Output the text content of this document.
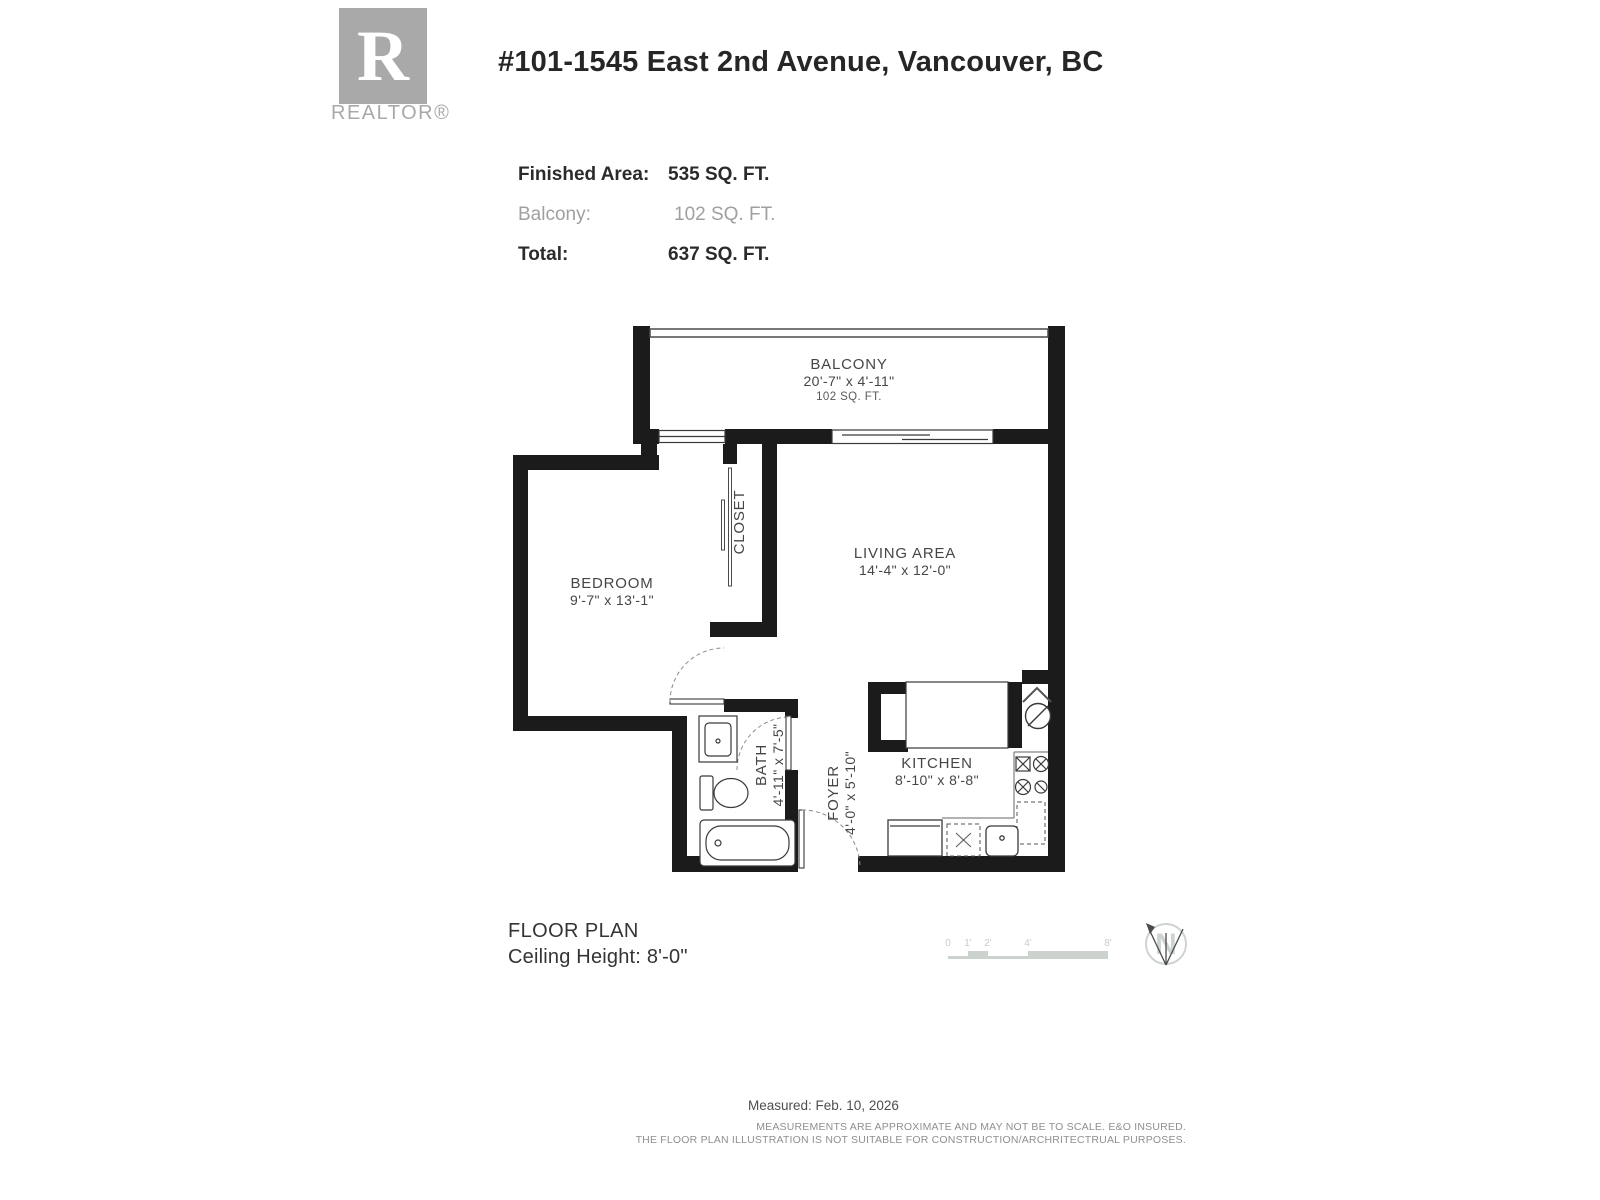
R
REALTOR®
#101-1545 East 2nd Avenue, Vancouver, BC
Finished Area: 535 SQ. FT.
Balcony:	102 SQ. FT.
Total:	637 SQ. FT.
0 1' 2'	4'	8' N
BALCONY
20'-7" x 4'-11"
102 SQ. FT.
BEDROOM
9'-7" x 13'-1"
CLOSET	LIVING AREA
14'-4" x 12'-0"
BATH 4'-11" x 7'-5"	FOYER 4'-0" x 5'-10"	KITCHEN
8'-10" x 8'-8"
FLOOR PLAN
Ceiling Height: 8'-0"
Measured: Feb. 10, 2026
MEASUREMENTS ARE APPROXIMATE AND MAY NOT BE TO SCALE. E&O INSURED.
THE FLOOR PLAN ILLUSTRATION IS NOT SUITABLE FOR CONSTRUCTION/ARCHRITECTRUAL PURPOSES.
